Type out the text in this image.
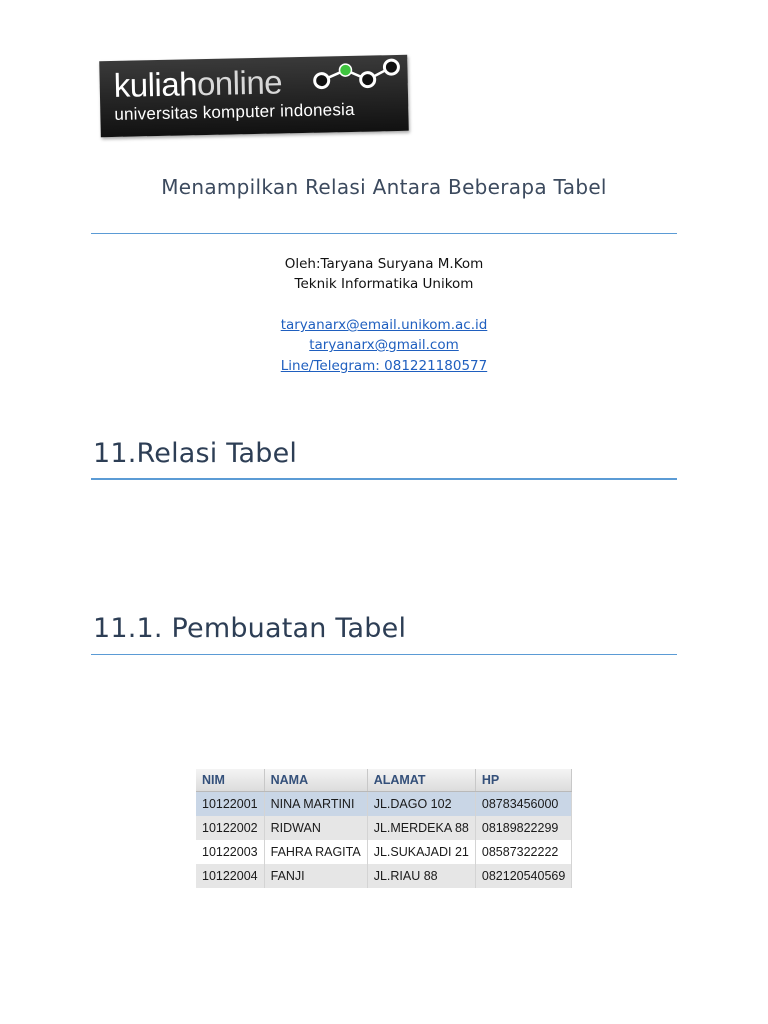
kuliahonline
universitas komputer indonesia
Menampilkan Relasi Antara Beberapa Tabel
Oleh:Taryana Suryana M.Kom
Teknik Informatika Unikom
taryanarx@email.unikom.ac.id
taryanarx@gmail.com
Line/Telegram: 081221180577
11.Relasi Tabel
11.1. Pembuatan Tabel
NIM	NAMA	ALAMAT	HP
10122001	NINA MARTINI	JL.DAGO 102	08783456000
10122002	RIDWAN	JL.MERDEKA 88	08189822299
10122003	FAHRA RAGITA	JL.SUKAJADI 21	08587322222
10122004	FANJI	JL.RIAU 88	082120540569
